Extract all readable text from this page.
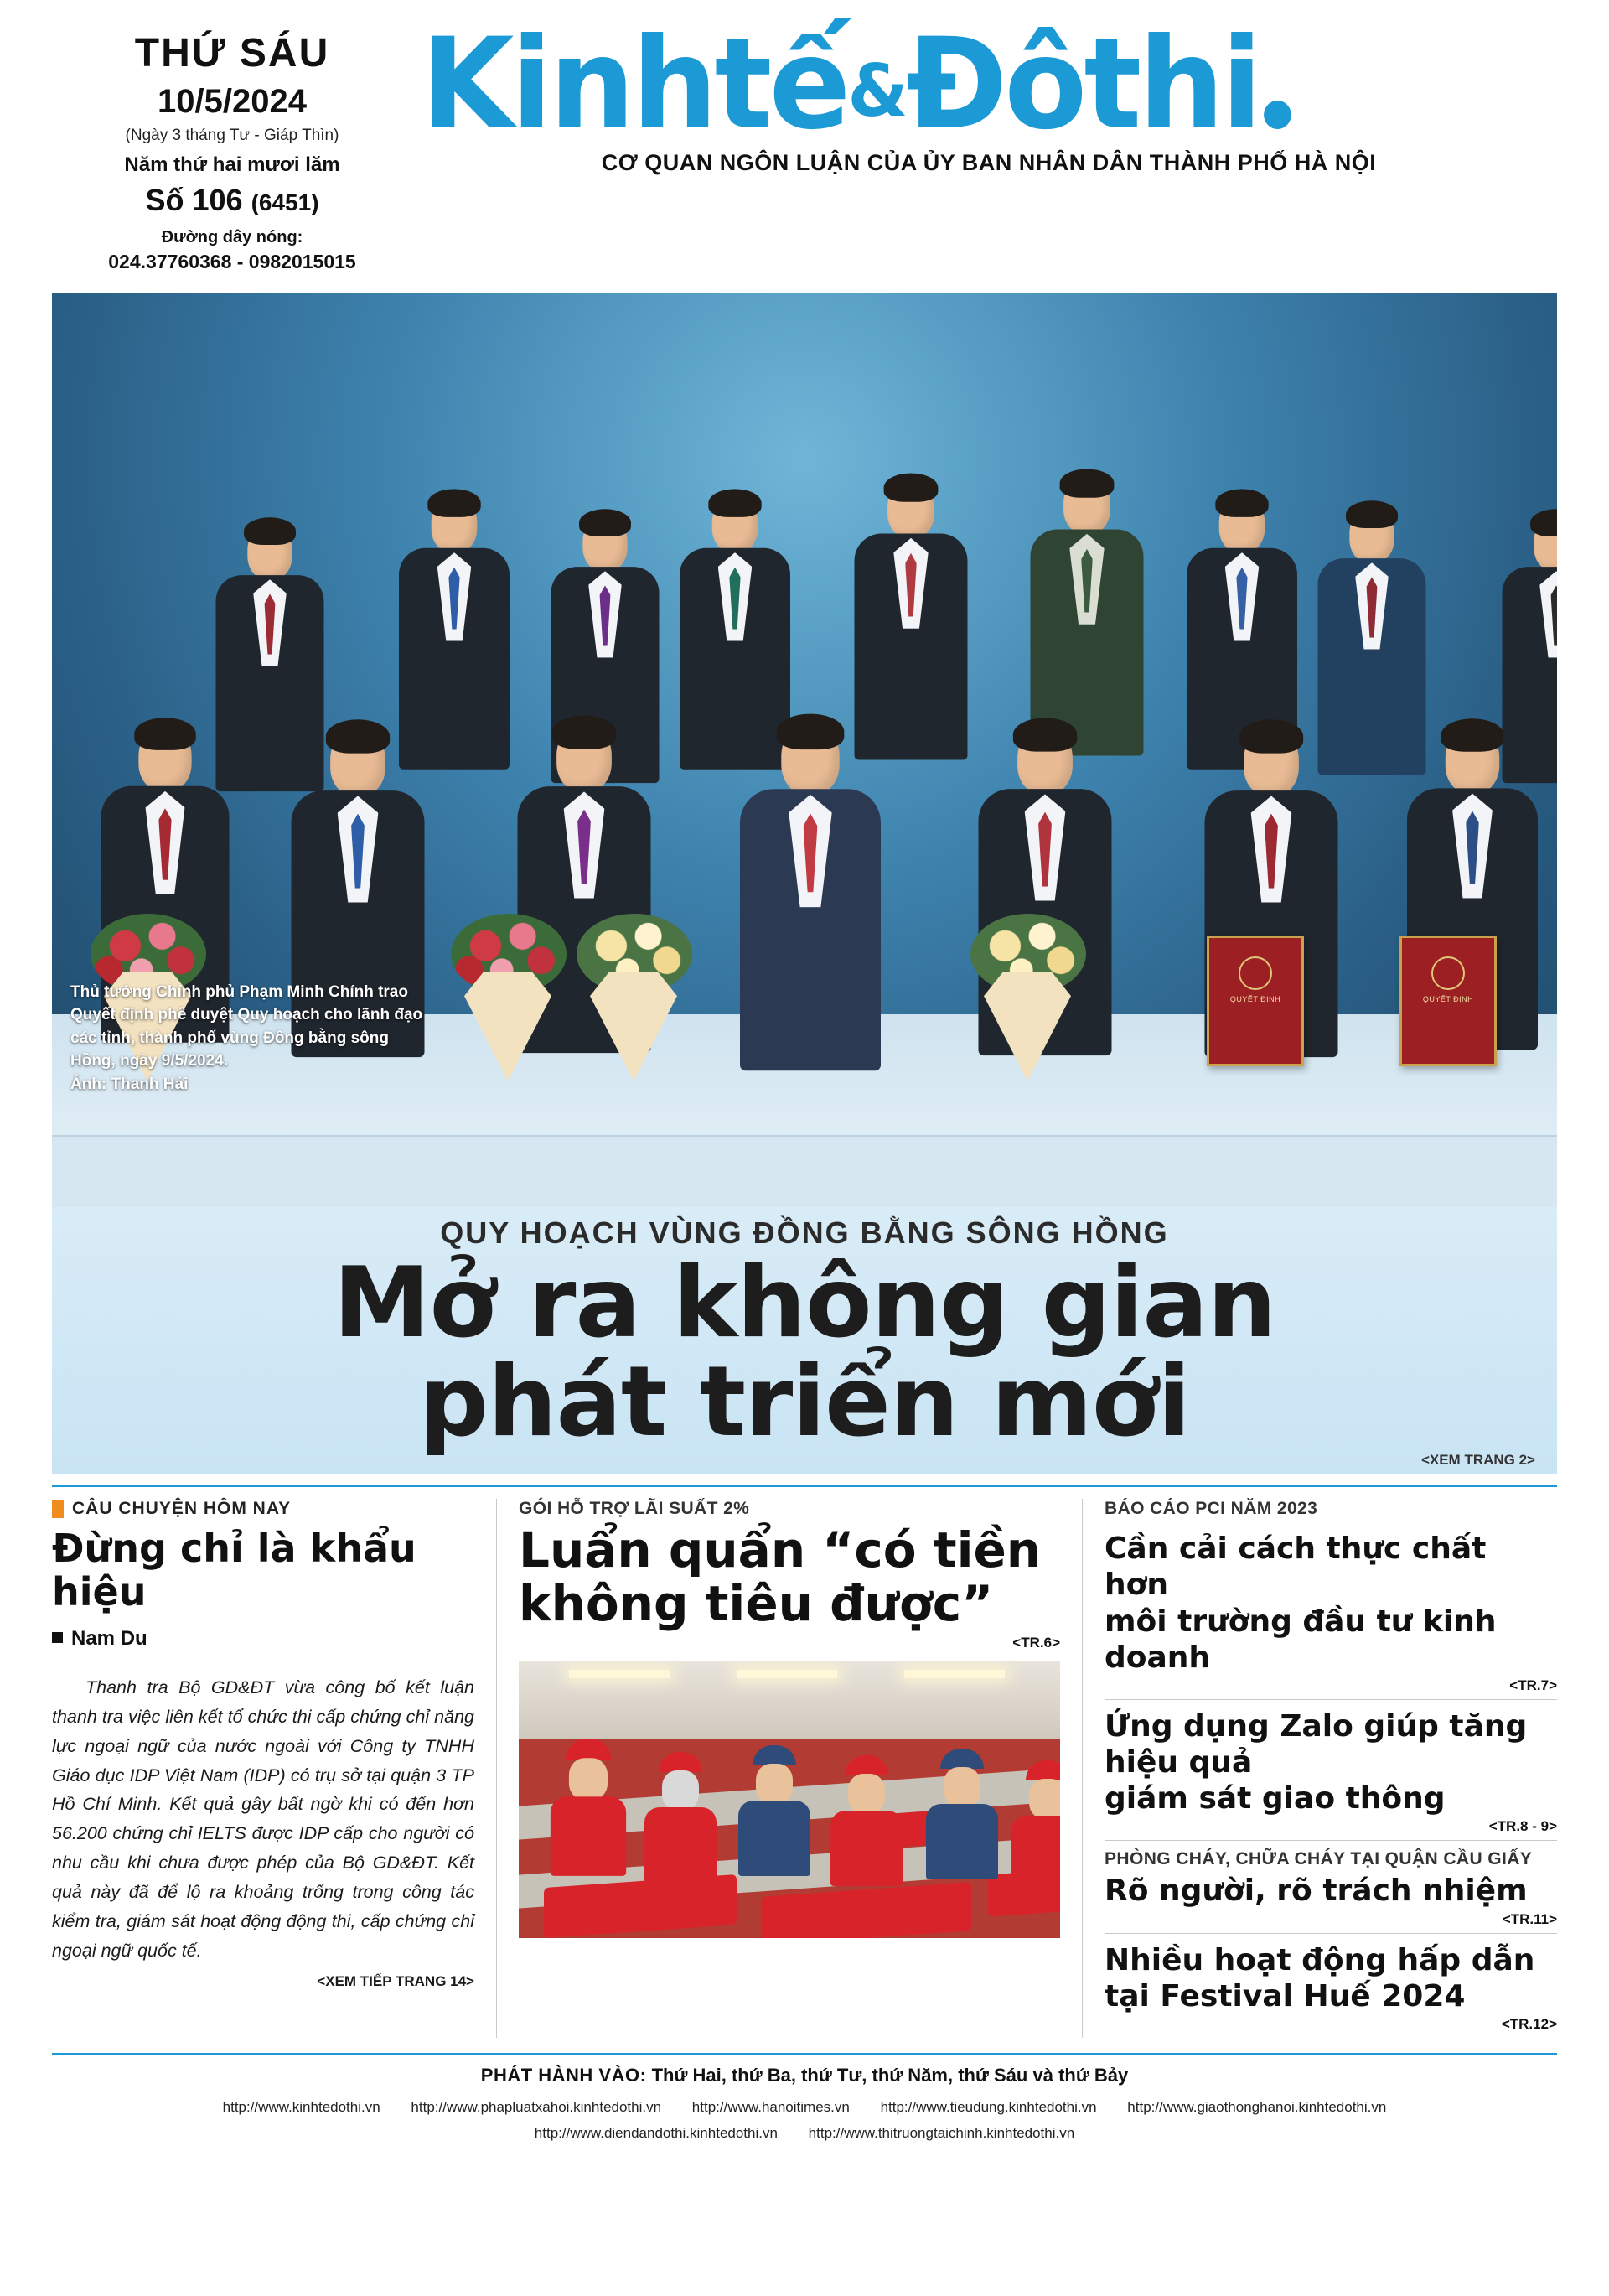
THỨ SÁU
10/5/2024
(Ngày 3 tháng Tư - Giáp Thìn)
Năm thứ hai mươi lăm
Số 106 (6451)
Đường dây nóng:
024.37760368 - 0982015015
Kinhtế&Đôthi
CƠ QUAN NGÔN LUẬN CỦA ỦY BAN NHÂN DÂN THÀNH PHỐ HÀ NỘI
QUYẾT ĐỊNH	QUYẾT ĐỊNH
Thủ tướng Chính phủ Phạm Minh Chính trao Quyết định phê duyệt Quy hoạch cho lãnh đạo các tỉnh, thành phố vùng Đồng bằng sông Hồng, ngày 9/5/2024.
Ảnh: Thanh Hải
QUY HOẠCH VÙNG ĐỒNG BẰNG SÔNG HỒNG
Mở ra không gian
phát triển mới
<XEM TRANG 2>
CÂU CHUYỆN HÔM NAY
Đừng chỉ là khẩu hiệu
Nam Du
Thanh tra Bộ GD&ĐT vừa công bố kết luận thanh tra việc liên kết tổ chức thi cấp chứng chỉ năng lực ngoại ngữ của nước ngoài với Công ty TNHH Giáo dục IDP Việt Nam (IDP) có trụ sở tại quận 3 TP Hồ Chí Minh. Kết quả gây bất ngờ khi có đến hơn 56.200 chứng chỉ IELTS được IDP cấp cho người có nhu cầu khi chưa được phép của Bộ GD&ĐT. Kết quả này đã để lộ ra khoảng trống trong công tác kiểm tra, giám sát hoạt động động thi, cấp chứng chỉ ngoại ngữ quốc tế.
<XEM TIẾP TRANG 14>
GÓI HỖ TRỢ LÃI SUẤT 2%
Luẩn quẩn “có tiền
không tiêu được”
<TR.6>
BÁO CÁO PCI NĂM 2023
Cần cải cách thực chất hơn
môi trường đầu tư kinh doanh
<TR.7>
Ứng dụng Zalo giúp tăng hiệu quả
giám sát giao thông
<TR.8 - 9>
PHÒNG CHÁY, CHỮA CHÁY TẠI QUẬN CẦU GIẤY
Rõ người, rõ trách nhiệm
<TR.11>
Nhiều hoạt động hấp dẫn
tại Festival Huế 2024
<TR.12>
PHÁT HÀNH VÀO: Thứ Hai, thứ Ba, thứ Tư, thứ Năm, thứ Sáu và thứ Bảy
http://www.kinhtedothi.vn http://www.phapluatxahoi.kinhtedothi.vn http://www.hanoitimes.vn http://www.tieudung.kinhtedothi.vn http://www.giaothonghanoi.kinhtedothi.vn
http://www.diendandothi.kinhtedothi.vn http://www.thitruongtaichinh.kinhtedothi.vn
